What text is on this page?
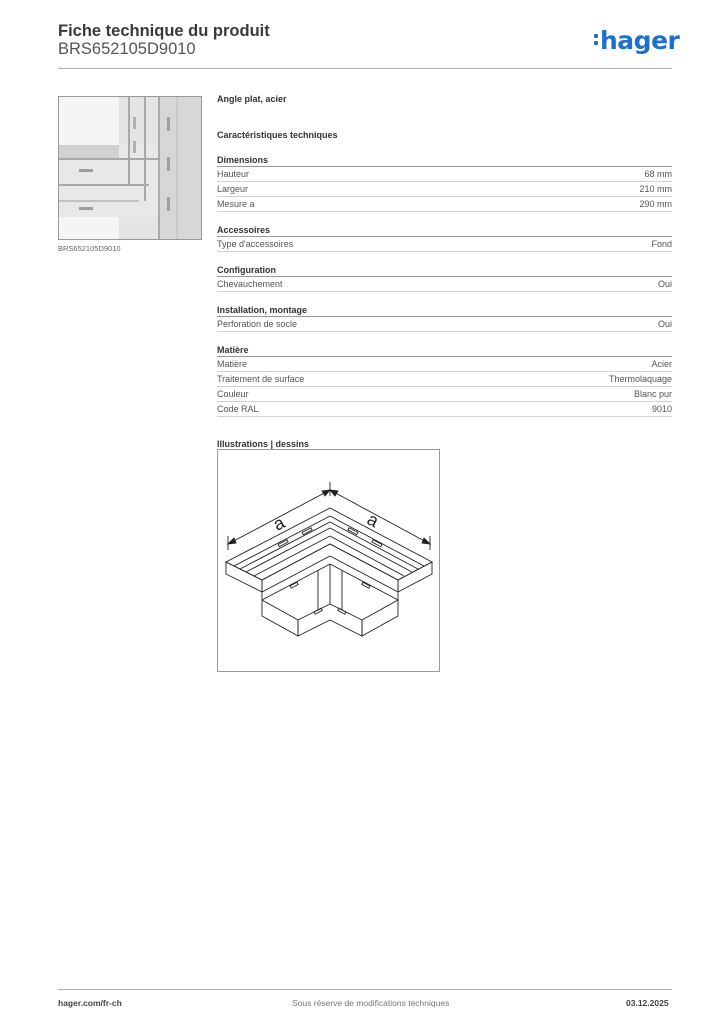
Fiche technique du produit
BRS652105D9010	hager
BRS652105D9010
Angle plat, acier
Caractéristiques techniques
Dimensions
Hauteur	68 mm
Largeur	210 mm
Mesure a	290 mm
Accessoires
Type d'accessoires	Fond
Configuration
Chevauchement	Oui
Installation, montage
Perforation de socle	Oui
Matière
Matière	Acier
Traitement de surface	Thermolaquage
Couleur	Blanc pur
Code RAL	9010
Illustrations | dessins
a	a
hager.com/fr-ch	Sous réserve de modifications techniques	03.12.2025
